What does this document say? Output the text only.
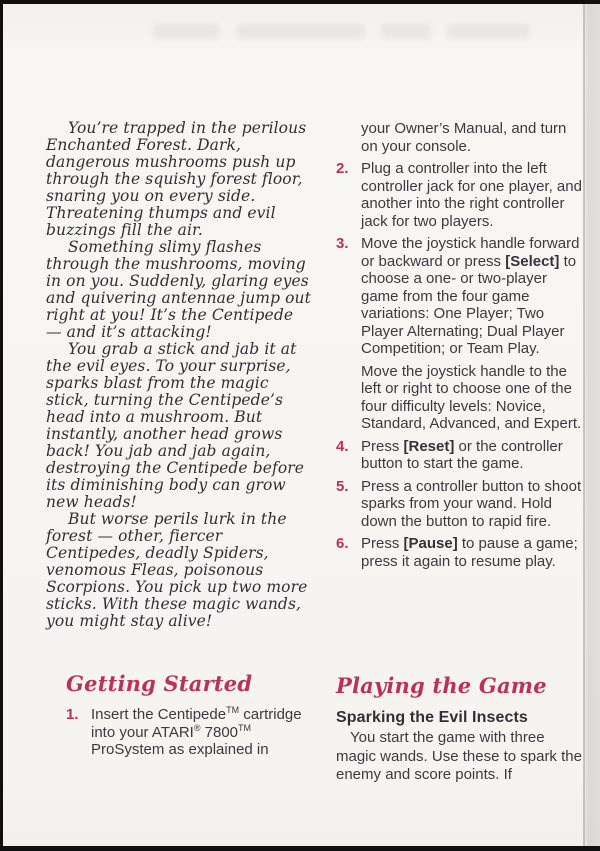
You’re trapped in the perilous Enchanted Forest. Dark, dangerous mushrooms push up through the squishy forest floor, snaring you on every side. Threatening thumps and evil buzzings fill the air.

Something slimy flashes through the mushrooms, moving in on you. Suddenly, glaring eyes and quivering antennae jump out right at you! It’s the Centipede — and it’s attacking!

You grab a stick and jab it at the evil eyes. To your surprise, sparks blast from the magic stick, turning the Centipede’s head into a mushroom. But instantly, another head grows back! You jab and jab again, destroying the Centipede before its diminishing body can grow new heads!

But worse perils lurk in the forest — other, fiercer Centipedes, deadly Spiders, venomous Fleas, poisonous Scorpions. You pick up two more sticks. With these magic wands, you might stay alive!

Getting Started
1. Insert the Centipede™ cartridge into your ATARI® 7800™ ProSystem as explained in
your Owner’s Manual, and turn on your console.
2. Plug a controller into the left controller jack for one player, and another into the right controller jack for two players.
3. Move the joystick handle forward or backward or press [Select] to choose a one- or two-player game from the four game variations: One Player; Two Player Alternating; Dual Player Competition; or Team Play.
Move the joystick handle to the left or right to choose one of the four difficulty levels: Novice, Standard, Advanced, and Expert.
4. Press [Reset] or the controller button to start the game.
5. Press a controller button to shoot sparks from your wand. Hold down the button to rapid fire.
6. Press [Pause] to pause a game; press it again to resume play.
Playing the Game
Sparking the Evil Insects

You start the game with three magic wands. Use these to spark the enemy and score points. If
